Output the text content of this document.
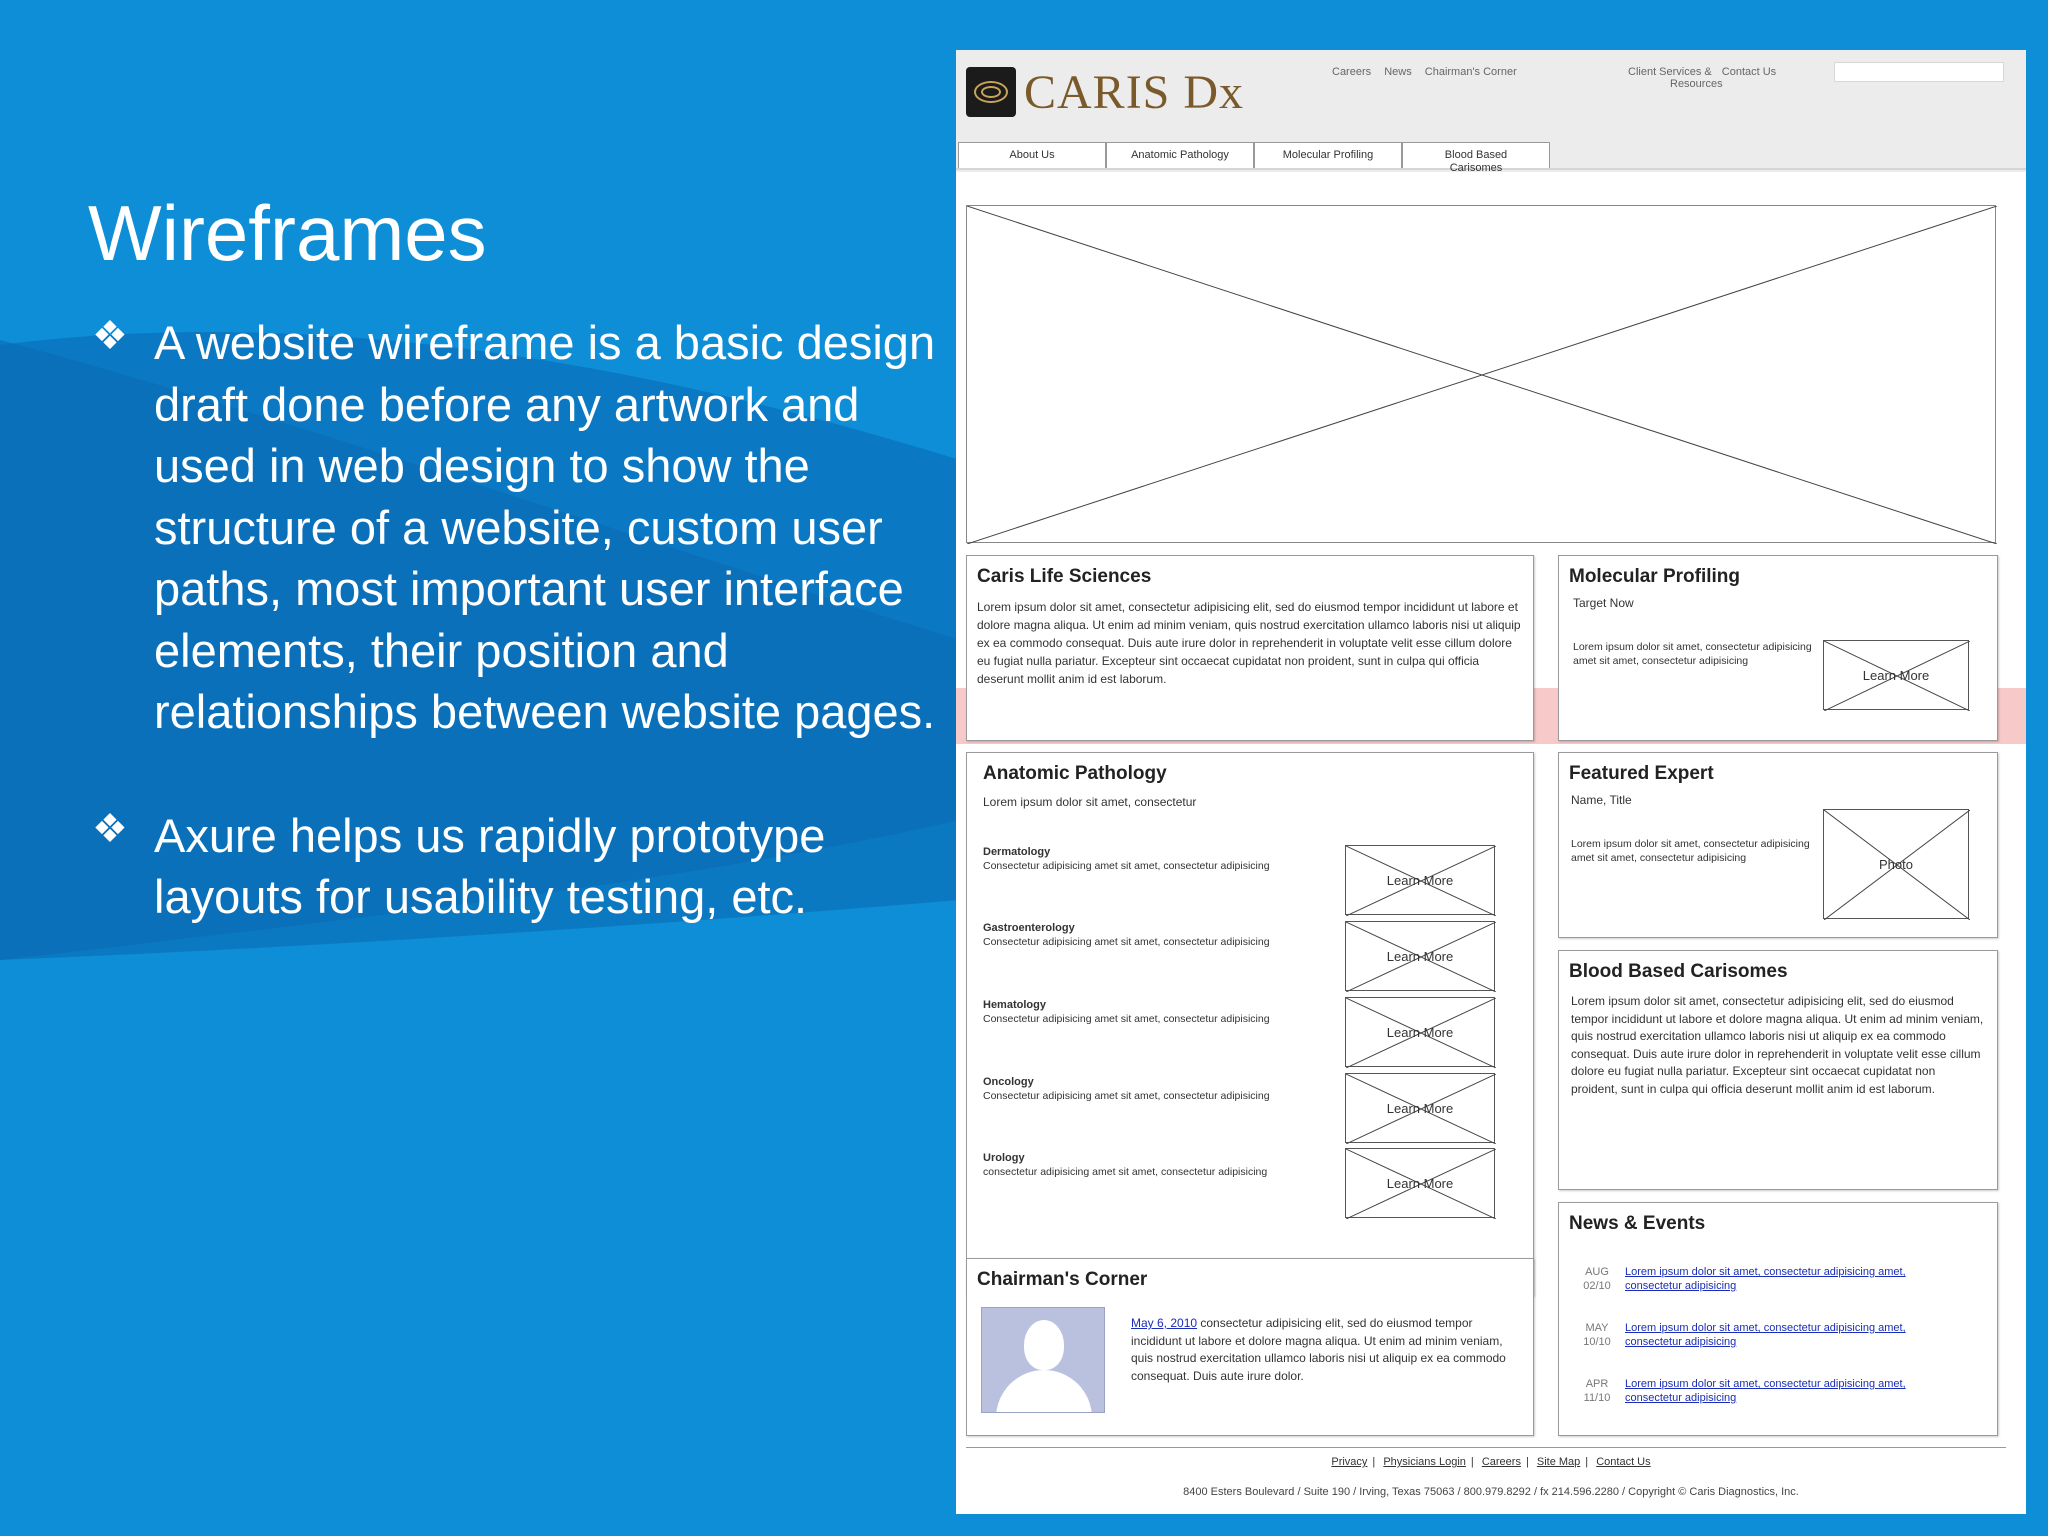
Wireframes
❖ A website wireframe is a basic design draft done before any artwork and used in web design to show the structure of a website, custom user paths, most important user interface elements, their position and relationships between website pages.
❖ Axure helps us rapidly prototype layouts for usability testing, etc.
CARIS Dx	Careers News Chairman's Corner	Client Services & Contact Us
Resources
About Us	Anatomic Pathology	Molecular Profiling	Blood Based
Carisomes
Caris Life Sciences
Lorem ipsum dolor sit amet, consectetur adipisicing elit, sed do eiusmod tempor incididunt ut labore et dolore magna aliqua. Ut enim ad minim veniam, quis nostrud exercitation ullamco laboris nisi ut aliquip ex ea commodo consequat. Duis aute irure dolor in reprehenderit in voluptate velit esse cillum dolore eu fugiat nulla pariatur. Excepteur sint occaecat cupidatat non proident, sunt in culpa qui officia deserunt mollit anim id est laborum.
Molecular Profiling
Target Now
Lorem ipsum dolor sit amet, consectetur adipisicing amet sit amet, consectetur adipisicing
Learn More
Anatomic Pathology
Lorem ipsum dolor sit amet, consectetur
Dermatology
Consectetur adipisicing amet sit amet, consectetur adipisicing
Learn More
Gastroenterology
Consectetur adipisicing amet sit amet, consectetur adipisicing
Learn More
Hematology
Consectetur adipisicing amet sit amet, consectetur adipisicing
Learn More
Oncology
Consectetur adipisicing amet sit amet, consectetur adipisicing
Learn More
Urology
consectetur adipisicing amet sit amet, consectetur adipisicing
Learn More
Featured Expert
Name, Title
Lorem ipsum dolor sit amet, consectetur adipisicing amet sit amet, consectetur adipisicing	Photo
Blood Based Carisomes
Lorem ipsum dolor sit amet, consectetur adipisicing elit, sed do eiusmod tempor incididunt ut labore et dolore magna aliqua. Ut enim ad minim veniam, quis nostrud exercitation ullamco laboris nisi ut aliquip ex ea commodo consequat. Duis aute irure dolor in reprehenderit in voluptate velit esse cillum dolore eu fugiat nulla pariatur. Excepteur sint occaecat cupidatat non proident, sunt in culpa qui officia deserunt mollit anim id est laborum.
Chairman's Corner
May 6, 2010 consectetur adipisicing elit, sed do eiusmod tempor incididunt ut labore et dolore magna aliqua. Ut enim ad minim veniam, quis nostrud exercitation ullamco laboris nisi ut aliquip ex ea commodo consequat. Duis aute irure dolor.
News & Events
AUG
02/10
Lorem ipsum dolor sit amet, consectetur adipisicing amet, consectetur adipisicing
MAY
10/10
Lorem ipsum dolor sit amet, consectetur adipisicing amet, consectetur adipisicing
APR
11/10
Lorem ipsum dolor sit amet, consectetur adipisicing amet, consectetur adipisicing
Privacy | Physicians Login | Careers | Site Map | Contact Us
8400 Esters Boulevard / Suite 190 / Irving, Texas 75063 / 800.979.8292 / fx 214.596.2280 / Copyright © Caris Diagnostics, Inc.
